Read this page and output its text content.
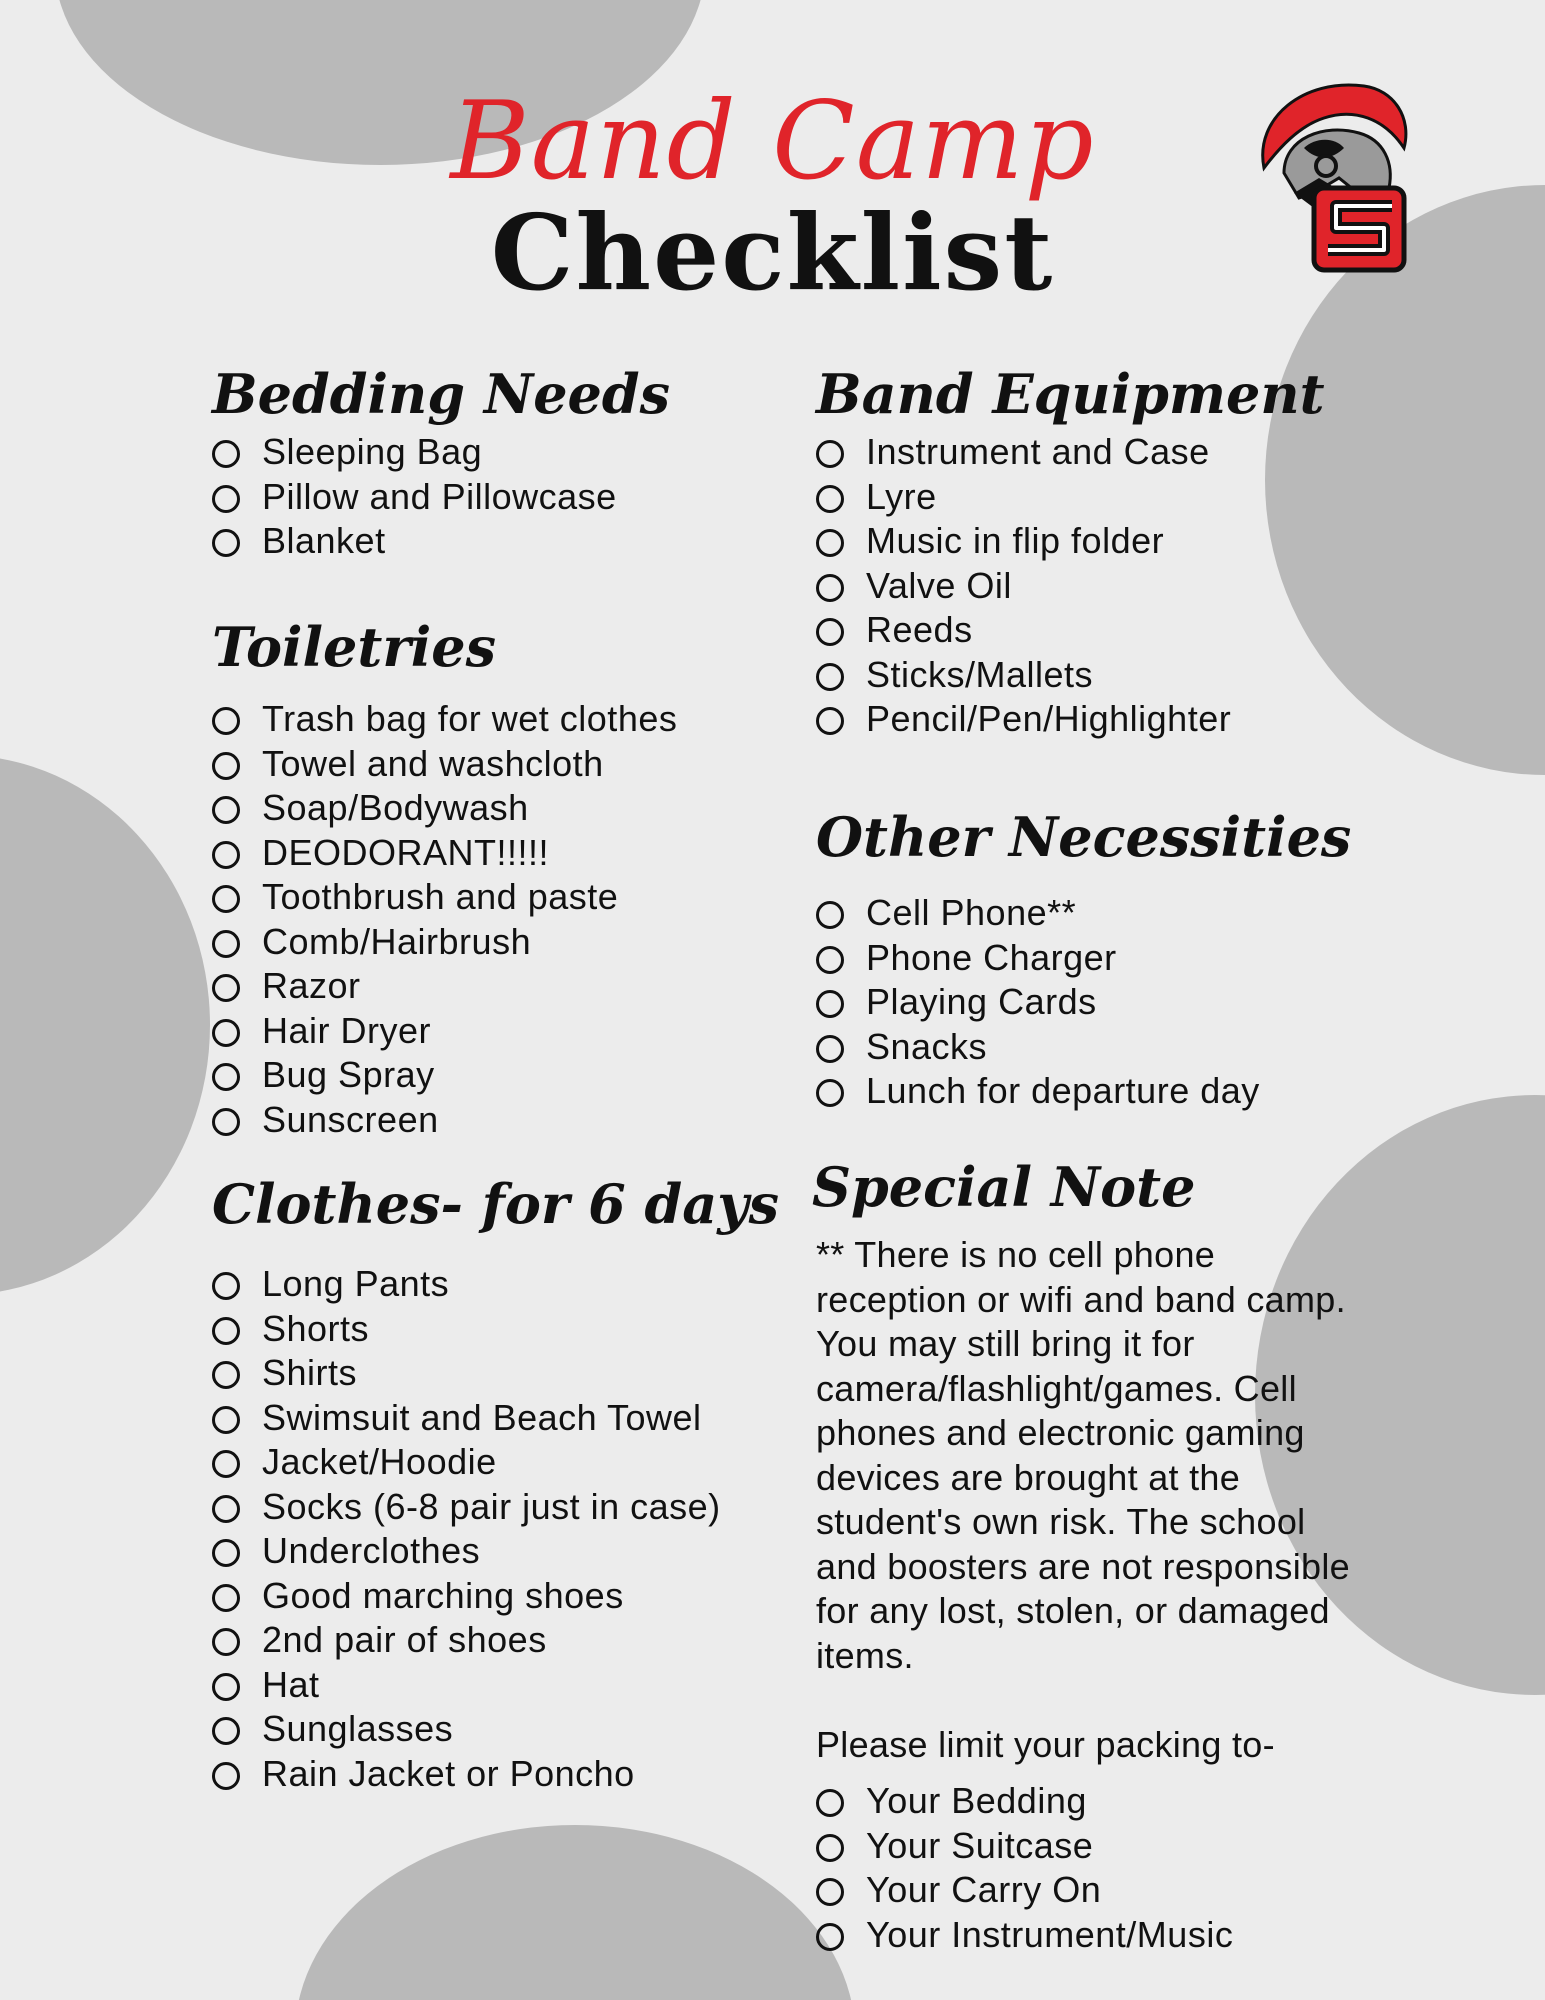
Band Camp
Checklist
Bedding Needs
Sleeping Bag
Pillow and Pillowcase
Blanket
Toiletries
Trash bag for wet clothes
Towel and washcloth
Soap/Bodywash
DEODORANT!!!!!
Toothbrush and paste
Comb/Hairbrush
Razor
Hair Dryer
Bug Spray
Sunscreen
Clothes- for 6 days
Long Pants
Shorts
Shirts
Swimsuit and Beach Towel
Jacket/Hoodie
Socks (6-8 pair just in case)
Underclothes
Good marching shoes
2nd pair of shoes
Hat
Sunglasses
Rain Jacket or Poncho
Band Equipment
Instrument and Case
Lyre
Music in flip folder
Valve Oil
Reeds
Sticks/Mallets
Pencil/Pen/Highlighter
Other Necessities
Cell Phone**
Phone Charger
Playing Cards
Snacks
Lunch for departure day
Special Note

** There is no cell phone

reception or wifi and band camp.

You may still bring it for

camera/flashlight/games. Cell

phones and electronic gaming

devices are brought at the

student's own risk. The school

and boosters are not responsible

for any lost, stolen, or damaged

items.

Please limit your packing to-

Your Bedding
Your Suitcase
Your Carry On
Your Instrument/Music
